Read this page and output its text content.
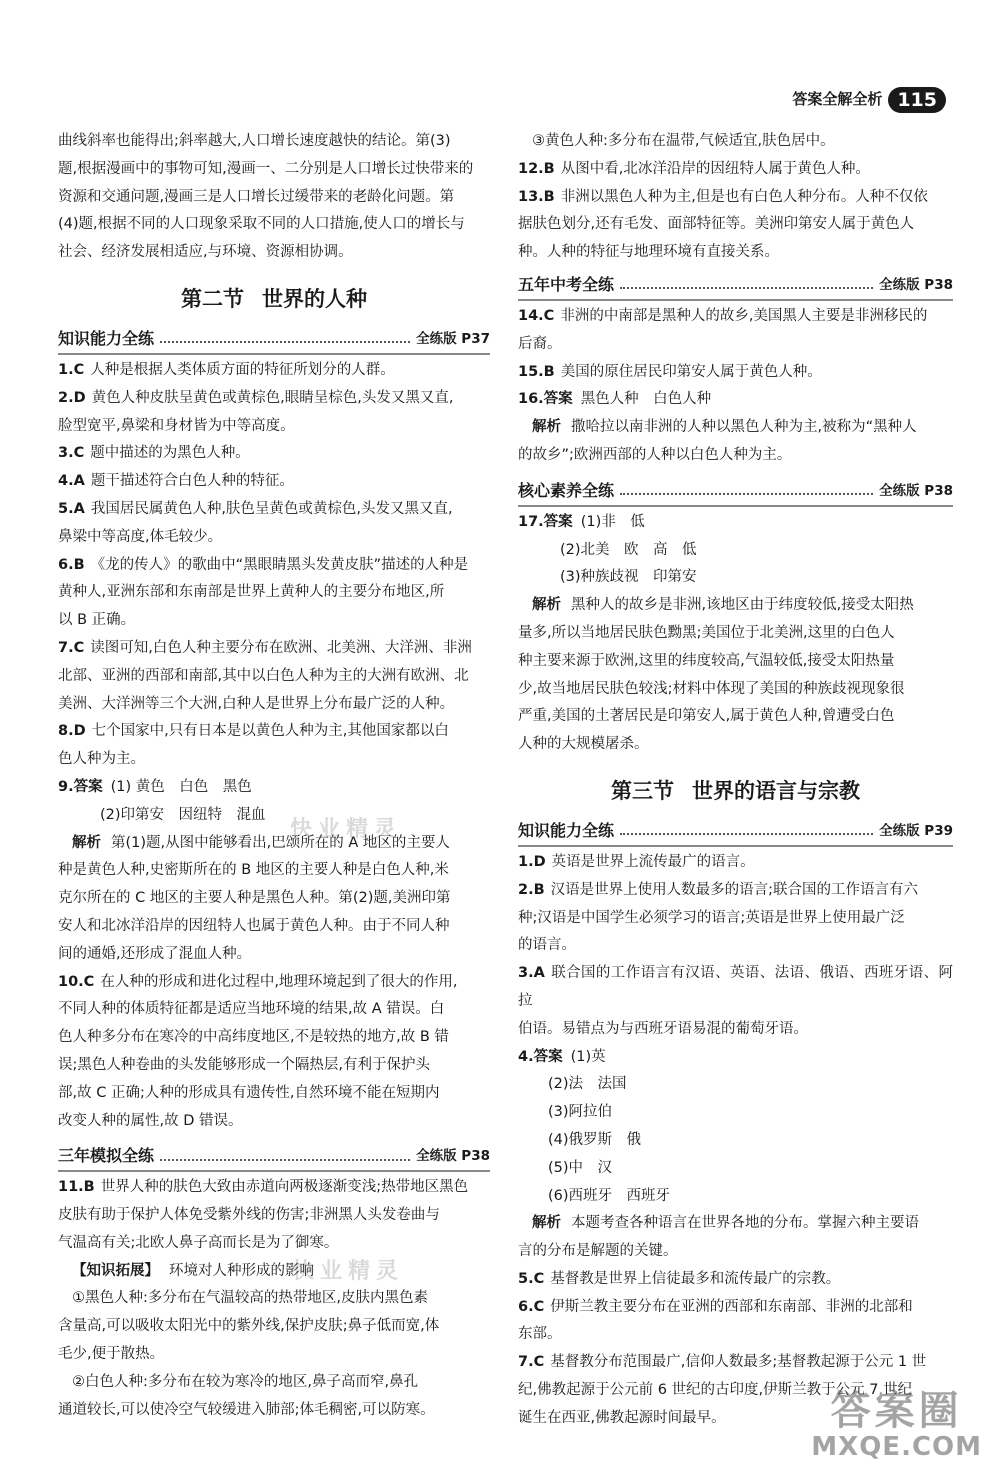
答案全解全析 115

曲线斜率也能得出;斜率越大,人口增长速度越快的结论。第(3)

题,根据漫画中的事物可知,漫画一、二分别是人口增长过快带来的

资源和交通问题,漫画三是人口增长过缓带来的老龄化问题。第

(4)题,根据不同的人口现象采取不同的人口措施,使人口的增长与

社会、经济发展相适应,与环境、资源相协调。

第二节 世界的人种
知识能力全练	全练版 P37
1.C 人种是根据人类体质方面的特征所划分的人群。
2.D 黄色人种皮肤呈黄色或黄棕色,眼睛呈棕色,头发又黑又直,
脸型宽平,鼻梁和身材皆为中等高度。
3.C 题中描述的为黑色人种。
4.A 题干描述符合白色人种的特征。
5.A 我国居民属黄色人种,肤色呈黄色或黄棕色,头发又黑又直,
鼻梁中等高度,体毛较少。
6.B 《龙的传人》的歌曲中“黑眼睛黑头发黄皮肤”描述的人种是
黄种人,亚洲东部和东南部是世界上黄种人的主要分布地区,所
以 B 正确。
7.C 读图可知,白色人种主要分布在欧洲、北美洲、大洋洲、非洲
北部、亚洲的西部和南部,其中以白色人种为主的大洲有欧洲、北
美洲、大洋洲等三个大洲,白种人是世界上分布最广泛的人种。
8.D 七个国家中,只有日本是以黄色人种为主,其他国家都以白
色人种为主。
9.答案 (1) 黄色　白色　黑色
(2)印第安　因纽特　混血
解析 第(1)题,从图中能够看出,巴颂所在的 A 地区的主要人
种是黄色人种,史密斯所在的 B 地区的主要人种是白色人种,米
克尔所在的 C 地区的主要人种是黑色人种。第(2)题,美洲印第
安人和北冰洋沿岸的因纽特人也属于黄色人种。由于不同人种
间的通婚,还形成了混血人种。
10.C 在人种的形成和进化过程中,地理环境起到了很大的作用,
不同人种的体质特征都是适应当地环境的结果,故 A 错误。白
色人种多分布在寒冷的中高纬度地区,不是较热的地方,故 B 错
误;黑色人种卷曲的头发能够形成一个隔热层,有利于保护头
部,故 C 正确;人种的形成具有遗传性,自然环境不能在短期内
改变人种的属性,故 D 错误。
三年模拟全练	全练版 P38
11.B 世界人种的肤色大致由赤道向两极逐渐变浅;热带地区黑色
皮肤有助于保护人体免受紫外线的伤害;非洲黑人头发卷曲与
气温高有关;北欧人鼻子高而长是为了御寒。
【知识拓展】 环境对人种形成的影响
①黑色人种:多分布在气温较高的热带地区,皮肤内黑色素
含量高,可以吸收太阳光中的紫外线,保护皮肤;鼻子低而宽,体
毛少,便于散热。
②白色人种:多分布在较为寒冷的地区,鼻子高而窄,鼻孔
通道较长,可以使冷空气较缓进入肺部;体毛稠密,可以防寒。
③黄色人种:多分布在温带,气候适宜,肤色居中。
12.B 从图中看,北冰洋沿岸的因纽特人属于黄色人种。
13.B 非洲以黑色人种为主,但是也有白色人种分布。人种不仅依
据肤色划分,还有毛发、面部特征等。美洲印第安人属于黄色人
种。人种的特征与地理环境有直接关系。
五年中考全练	全练版 P38
14.C 非洲的中南部是黑种人的故乡,美国黑人主要是非洲移民的
后裔。
15.B 美国的原住居民印第安人属于黄色人种。
16.答案 黑色人种　白色人种
解析 撒哈拉以南非洲的人种以黑色人种为主,被称为“黑种人
的故乡”;欧洲西部的人种以白色人种为主。
核心素养全练	全练版 P38
17.答案 (1)非　低
(2)北美　欧　高　低
(3)种族歧视　印第安
解析 黑种人的故乡是非洲,该地区由于纬度较低,接受太阳热
量多,所以当地居民肤色黝黑;美国位于北美洲,这里的白色人
种主要来源于欧洲,这里的纬度较高,气温较低,接受太阳热量
少,故当地居民肤色较浅;材料中体现了美国的种族歧视现象很
严重,美国的土著居民是印第安人,属于黄色人种,曾遭受白色
人种的大规模屠杀。
第三节 世界的语言与宗教
知识能力全练	全练版 P39
1.D 英语是世界上流传最广的语言。
2.B 汉语是世界上使用人数最多的语言;联合国的工作语言有六
种;汉语是中国学生必须学习的语言;英语是世界上使用最广泛
的语言。
3.A 联合国的工作语言有汉语、英语、法语、俄语、西班牙语、阿拉
伯语。易错点为与西班牙语易混的葡萄牙语。
4.答案 (1)英
(2)法　法国
(3)阿拉伯
(4)俄罗斯　俄
(5)中　汉
(6)西班牙　西班牙
解析 本题考查各种语言在世界各地的分布。掌握六种主要语
言的分布是解题的关键。
5.C 基督教是世界上信徒最多和流传最广的宗教。
6.C 伊斯兰教主要分布在亚洲的西部和东南部、非洲的北部和
东部。
7.C 基督教分布范围最广,信仰人数最多;基督教起源于公元 1 世
纪,佛教起源于公元前 6 世纪的古印度,伊斯兰教于公元 7 世纪
诞生在西亚,佛教起源时间最早。
快业精灵
快业精灵
答案圈
MXQE.COM
